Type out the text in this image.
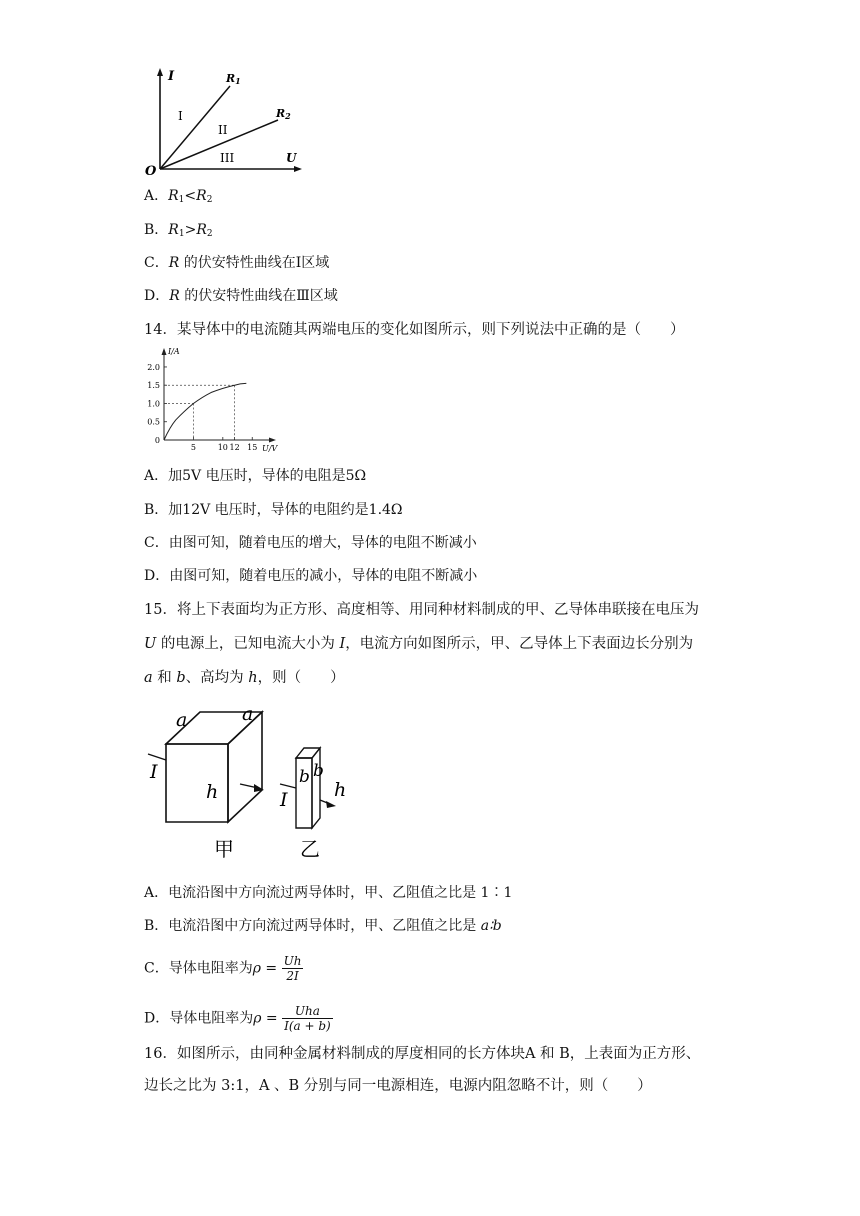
I
U
O
R1
R2
I
II
III
A．$R_1<R_2$
B．$R_1>R_2$
C．R 的伏安特性曲线在Ⅰ区域
D．R 的伏安特性曲线在Ⅲ区域
14．某导体中的电流随其两端电压的变化如图所示，则下列说法中正确的是（　　）
5	10 12 15
0.5
1.0
1.5
2.0
0
I/A
U/V
A．加5V 电压时，导体的电阻是5Ω
B．加12V 电压时，导体的电阻约是1.4Ω
C．由图可知，随着电压的增大，导体的电阻不断减小
D．由图可知，随着电压的减小，导体的电阻不断减小
15．将上下表面均为正方形、高度相等、用同种材料制成的甲、乙导体串联接在电压为
U 的电源上，已知电流大小为 I，电流方向如图所示，甲、乙导体上下表面边长分别为
a 和 b、高均为 h，则（　　）
a	a
I
h
b b
I h
甲	乙
A．电流沿图中方向流过两导体时，甲、乙阻值之比是 1∶1
B．电流沿图中方向流过两导体时，甲、乙阻值之比是 a∶b
C．导体电阻率为$\rho = \frac{Uh}{2I}$
D．导体电阻率为$\rho = \frac{\text{Uha}}{I(a + b)}$
16．如图所示，由同种金属材料制成的厚度相同的长方体块A 和 B，上表面为正方形、
边长之比为 3:1，A 、B 分别与同一电源相连，电源内阻忽略不计，则（　　）
